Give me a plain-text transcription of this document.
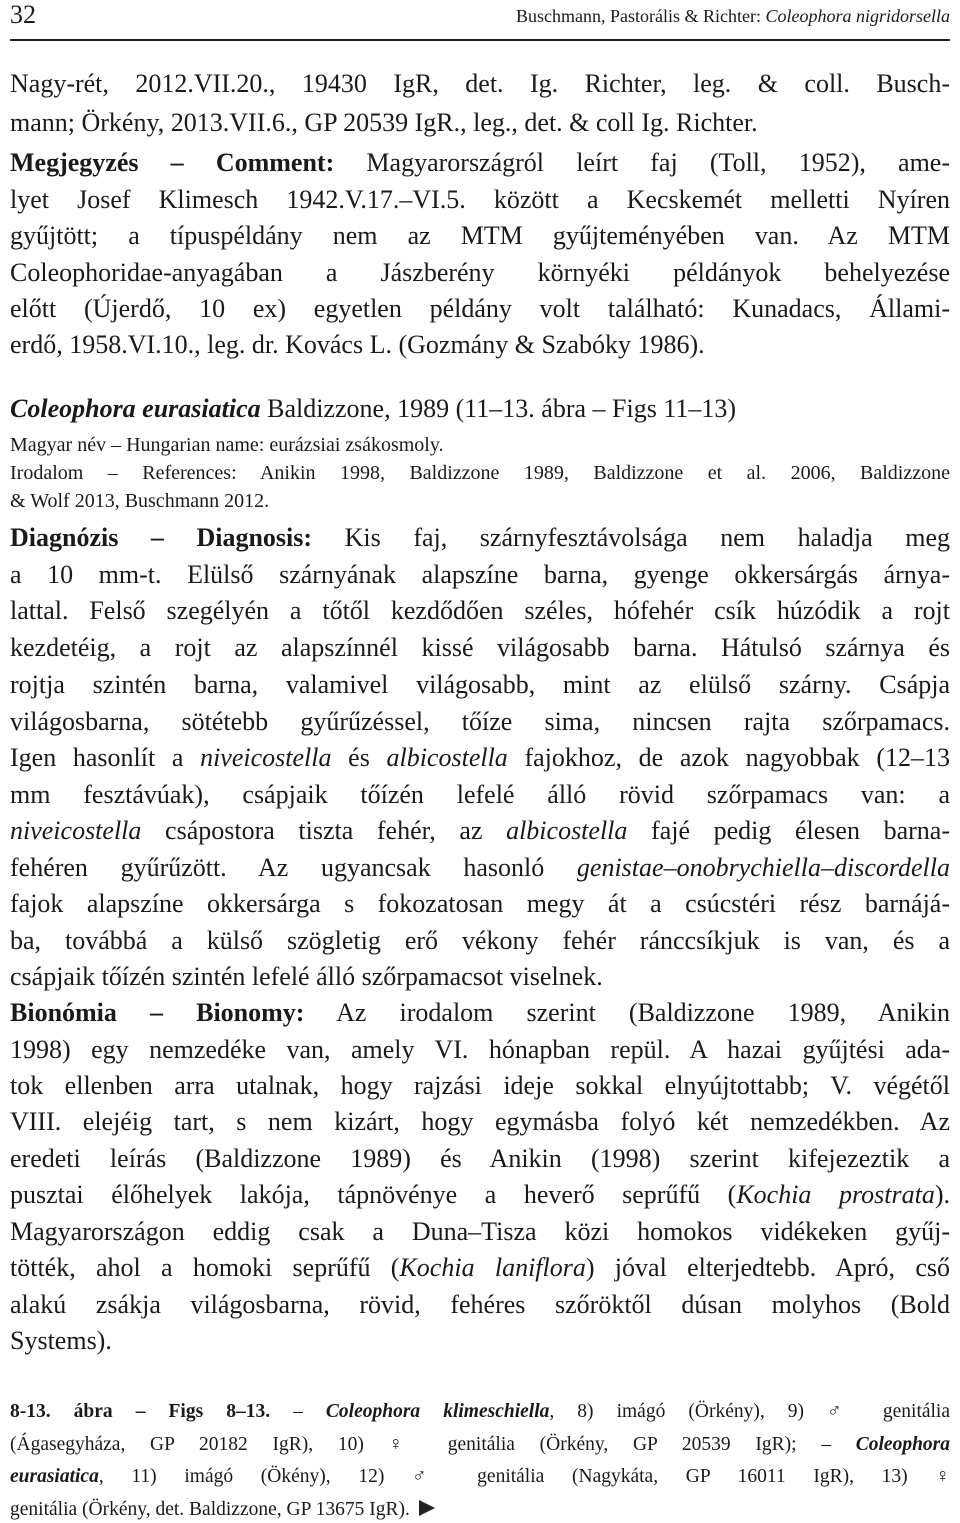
32	Buschmann, Pastorális & Richter: Coleophora nigridorsella
Nagy-rét, 2012.VII.20., 19430 IgR, det. Ig. Richter, leg. & coll. Busch-
mann; Örkény, 2013.VII.6., GP 20539 IgR., leg., det. & coll Ig. Richter.
Megjegyzés – Comment: Magyarországról leírt faj (Toll, 1952), ame-
lyet Josef Klimesch 1942.V.17.–VI.5. között a Kecskemét melletti Nyíren
gyűjtött; a típuspéldány nem az MTM gyűjteményében van. Az MTM
Coleophoridae-anyagában a Jászberény környéki példányok behelyezése
előtt (Újerdő, 10 ex) egyetlen példány volt található: Kunadacs, Állami-
erdő, 1958.VI.10., leg. dr. Kovács L. (Gozmány & Szabóky 1986).
Coleophora eurasiatica Baldizzone, 1989 (11–13. ábra – Figs 11–13)
Magyar név – Hungarian name: eurázsiai zsákosmoly.
Irodalom – References: Anikin 1998, Baldizzone 1989, Baldizzone et al. 2006, Baldizzone
& Wolf 2013, Buschmann 2012.
Diagnózis – Diagnosis: Kis faj, szárnyfesztávolsága nem haladja meg
a 10 mm-t. Elülső szárnyának alapszíne barna, gyenge okkersárgás árnya-
lattal. Felső szegélyén a tőtől kezdődően széles, hófehér csík húzódik a rojt
kezdetéig, a rojt az alapszínnél kissé világosabb barna. Hátulsó szárnya és
rojtja szintén barna, valamivel világosabb, mint az elülső szárny. Csápja
világosbarna, sötétebb gyűrűzéssel, tőíze sima, nincsen rajta szőrpamacs.
Igen hasonlít a niveicostella és albicostella fajokhoz, de azok nagyobbak (12–13
mm fesztávúak), csápjaik tőízén lefelé álló rövid szőrpamacs van: a
niveicostella csápostora tiszta fehér, az albicostella fajé pedig élesen barna-
fehéren gyűrűzött. Az ugyancsak hasonló genistae–onobrychiella–discordella
fajok alapszíne okkersárga s fokozatosan megy át a csúcstéri rész barnájá-
ba, továbbá a külső szögletig erő vékony fehér ránccsíkjuk is van, és a
csápjaik tőízén szintén lefelé álló szőrpamacsot viselnek.
Bionómia – Bionomy: Az irodalom szerint (Baldizzone 1989, Anikin
1998) egy nemzedéke van, amely VI. hónapban repül. A hazai gyűjtési ada-
tok ellenben arra utalnak, hogy rajzási ideje sokkal elnyújtottabb; V. végétől
VIII. elejéig tart, s nem kizárt, hogy egymásba folyó két nemzedékben. Az
eredeti leírás (Baldizzone 1989) és Anikin (1998) szerint kifejezeztik a
pusztai élőhelyek lakója, tápnövénye a heverő seprűfű (Kochia prostrata).
Magyarországon eddig csak a Duna–Tisza közi homokos vidékeken gyűj-
tötték, ahol a homoki seprűfű (Kochia laniflora) jóval elterjedtebb. Apró, cső
alakú zsákja világosbarna, rövid, fehéres szőröktől dúsan molyhos (Bold
Systems).
8-13. ábra – Figs 8–13. – Coleophora klimeschiella, 8) imágó (Örkény), 9) ♂ genitália
(Ágasegyháza, GP 20182 IgR), 10) ♀ genitália (Örkény, GP 20539 IgR); – Coleophora
eurasiatica, 11) imágó (Ökény), 12) ♂ genitália (Nagykáta, GP 16011 IgR), 13) ♀
genitália (Örkény, det. Baldizzone, GP 13675 IgR).
